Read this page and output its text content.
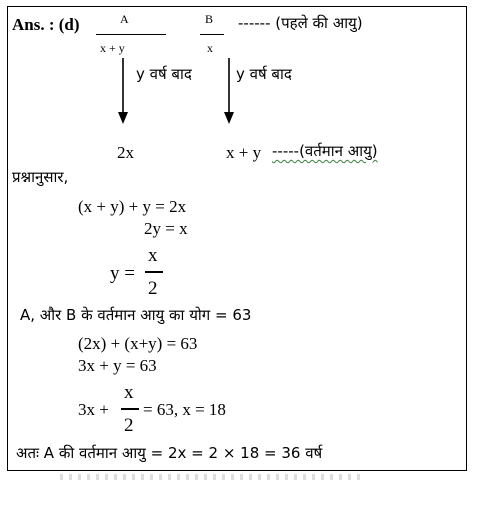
Ans. : (d)	A
x + y
B
x
------ (पहले की आयु)
y वर्ष बाद	y वर्ष बाद
2x	x + y -----(वर्तमान आयु)
प्रश्नानुसार,
(x + y) + y = 2x
2y = x
y =
x
2
A, और B के वर्तमान आयु का योग = 63
(2x) + (x+y) = 63
3x + y = 63
3x +
x
2
= 63, x = 18
अतः A की वर्तमान आयु = 2x = 2 × 18 = 36 वर्ष
